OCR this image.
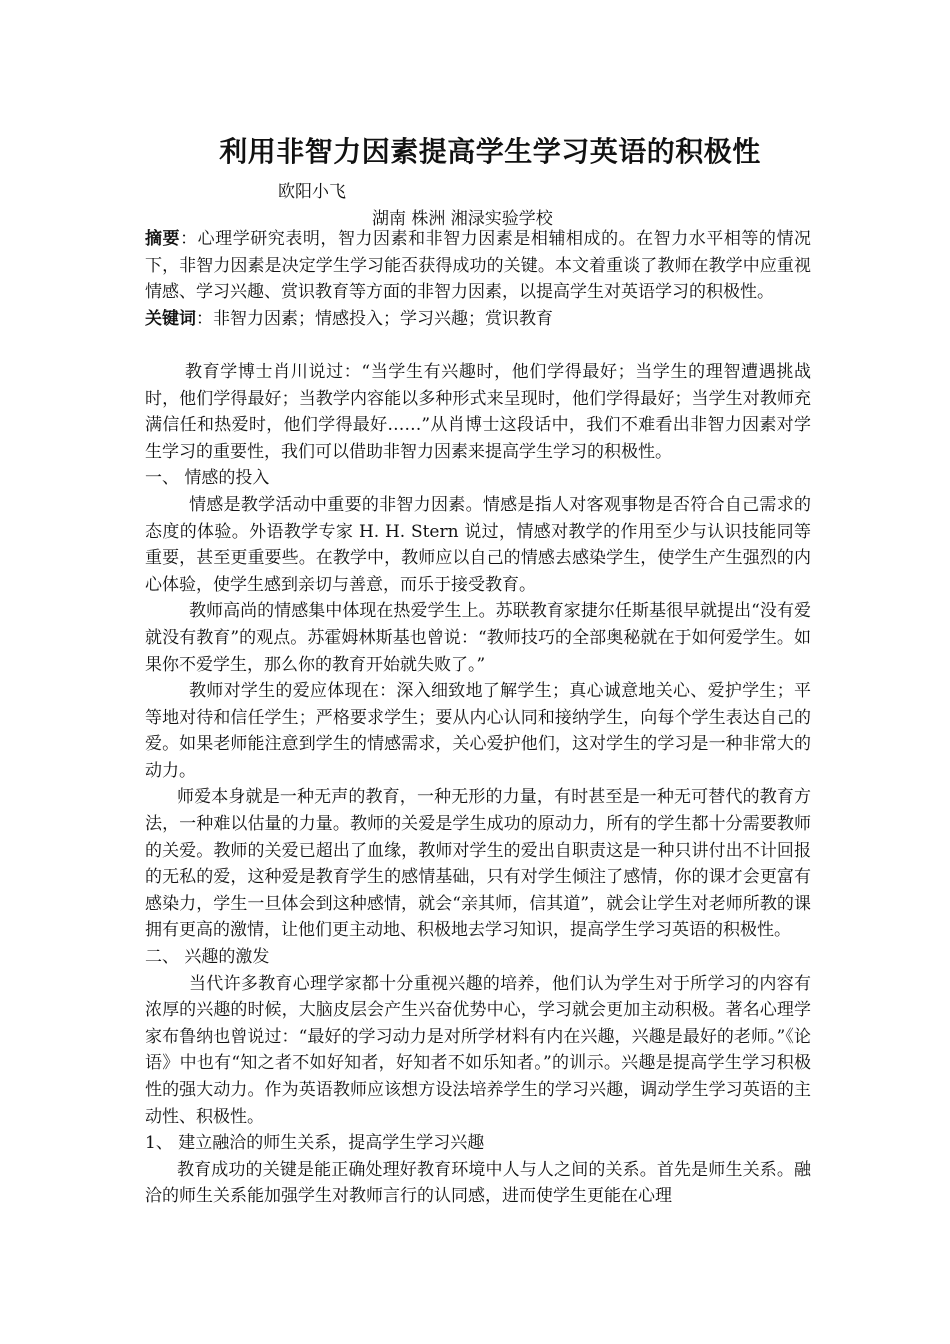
利用非智力因素提高学生学习英语的积极性
欧阳小飞
湖南 株洲 湘渌实验学校

摘要：心理学研究表明，智力因素和非智力因素是相辅相成的。在智力水平相等的情况下，非智力因素是决定学生学习能否获得成功的关键。本文着重谈了教师在教学中应重视情感、学习兴趣、赏识教育等方面的非智力因素，以提高学生对英语学习的积极性。

关键词：非智力因素；情感投入；学习兴趣；赏识教育

教育学博士肖川说过：“当学生有兴趣时，他们学得最好；当学生的理智遭遇挑战时，他们学得最好；当教学内容能以多种形式来呈现时，他们学得最好；当学生对教师充满信任和热爱时，他们学得最好……”从肖博士这段话中，我们不难看出非智力因素对学生学习的重要性，我们可以借助非智力因素来提高学生学习的积极性。

一、 情感的投入

情感是教学活动中重要的非智力因素。情感是指人对客观事物是否符合自己需求的态度的体验。外语教学专家 H. H. Stern 说过，情感对教学的作用至少与认识技能同等重要，甚至更重要些。在教学中，教师应以自己的情感去感染学生，使学生产生强烈的内心体验，使学生感到亲切与善意，而乐于接受教育。

教师高尚的情感集中体现在热爱学生上。苏联教育家捷尔任斯基很早就提出“没有爱就没有教育”的观点。苏霍姆林斯基也曾说：“教师技巧的全部奥秘就在于如何爱学生。如果你不爱学生，那么你的教育开始就失败了。”

教师对学生的爱应体现在：深入细致地了解学生；真心诚意地关心、爱护学生；平等地对待和信任学生；严格要求学生；要从内心认同和接纳学生，向每个学生表达自己的爱。如果老师能注意到学生的情感需求，关心爱护他们，这对学生的学习是一种非常大的动力。

师爱本身就是一种无声的教育，一种无形的力量，有时甚至是一种无可替代的教育方法，一种难以估量的力量。教师的关爱是学生成功的原动力，所有的学生都十分需要教师的关爱。教师的关爱已超出了血缘，教师对学生的爱出自职责这是一种只讲付出不计回报的无私的爱，这种爱是教育学生的感情基础，只有对学生倾注了感情，你的课才会更富有感染力，学生一旦体会到这种感情，就会“亲其师，信其道”，就会让学生对老师所教的课拥有更高的激情，让他们更主动地、积极地去学习知识，提高学生学习英语的积极性。

二、 兴趣的激发

当代许多教育心理学家都十分重视兴趣的培养，他们认为学生对于所学习的内容有浓厚的兴趣的时候，大脑皮层会产生兴奋优势中心，学习就会更加主动积极。著名心理学家布鲁纳也曾说过：“最好的学习动力是对所学材料有内在兴趣，兴趣是最好的老师。”《论语》中也有“知之者不如好知者，好知者不如乐知者。”的训示。兴趣是提高学生学习积极性的强大动力。作为英语教师应该想方设法培养学生的学习兴趣，调动学生学习英语的主动性、积极性。

1、 建立融洽的师生关系，提高学生学习兴趣

教育成功的关键是能正确处理好教育环境中人与人之间的关系。首先是师生关系。融洽的师生关系能加强学生对教师言行的认同感，进而使学生更能在心理
